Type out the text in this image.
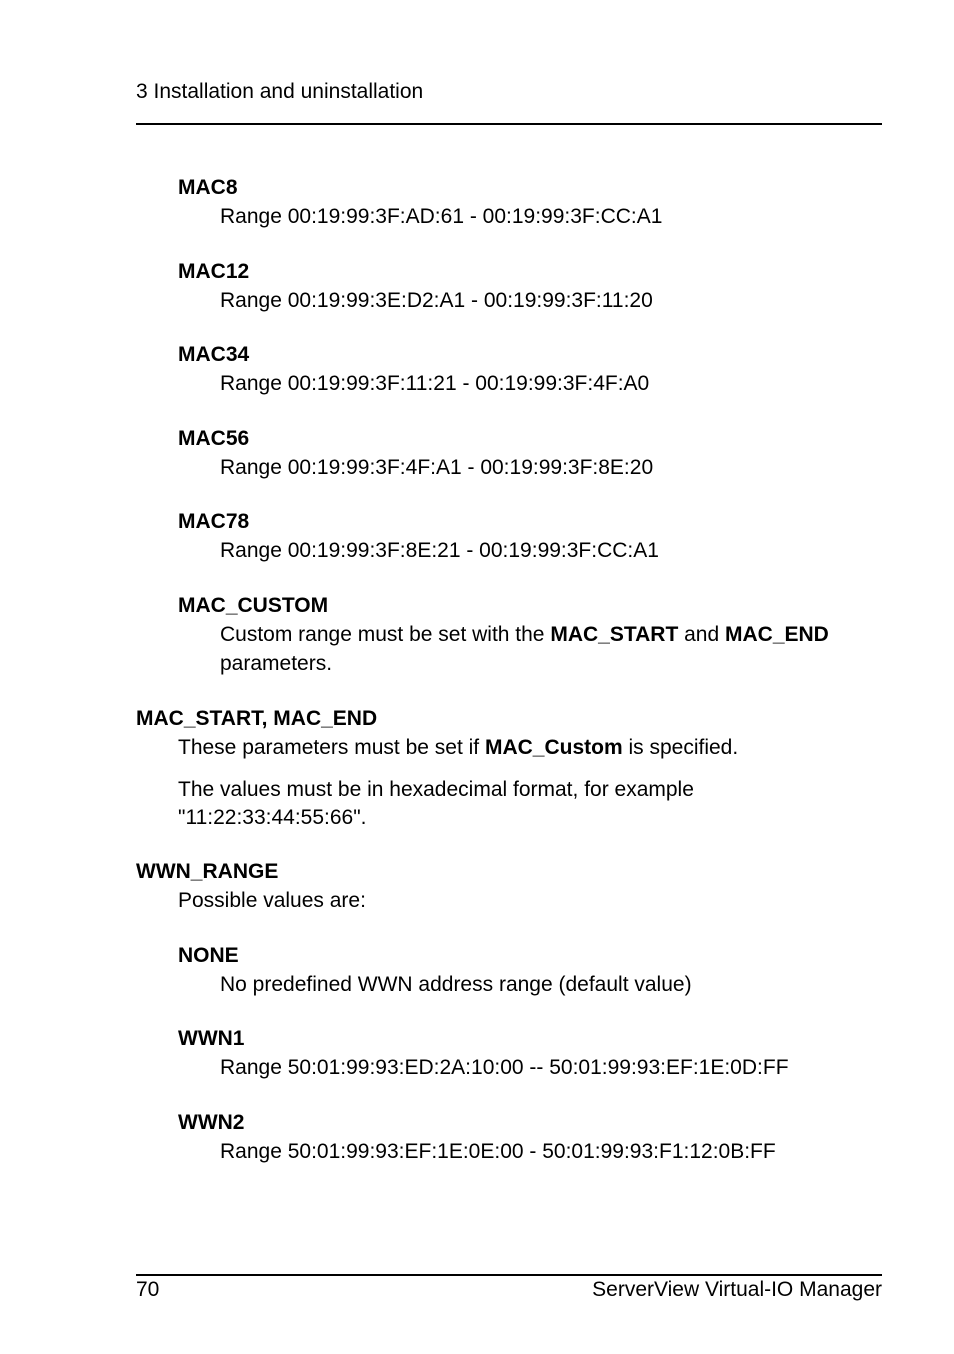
3 Installation and uninstallation
MAC8
Range 00:19:99:3F:AD:61 - 00:19:99:3F:CC:A1
MAC12
Range 00:19:99:3E:D2:A1 - 00:19:99:3F:11:20
MAC34
Range 00:19:99:3F:11:21 - 00:19:99:3F:4F:A0
MAC56
Range 00:19:99:3F:4F:A1 - 00:19:99:3F:8E:20
MAC78
Range 00:19:99:3F:8E:21 - 00:19:99:3F:CC:A1
MAC_CUSTOM
Custom range must be set with the MAC_START and MAC_END
parameters.
MAC_START, MAC_END
These parameters must be set if MAC_Custom is specified.
The values must be in hexadecimal format, for example
"11:22:33:44:55:66".
WWN_RANGE
Possible values are:
NONE
No predefined WWN address range (default value)
WWN1
Range 50:01:99:93:ED:2A:10:00 -- 50:01:99:93:EF:1E:0D:FF
WWN2
Range 50:01:99:93:EF:1E:0E:00 - 50:01:99:93:F1:12:0B:FF
70	ServerView Virtual-IO Manager
